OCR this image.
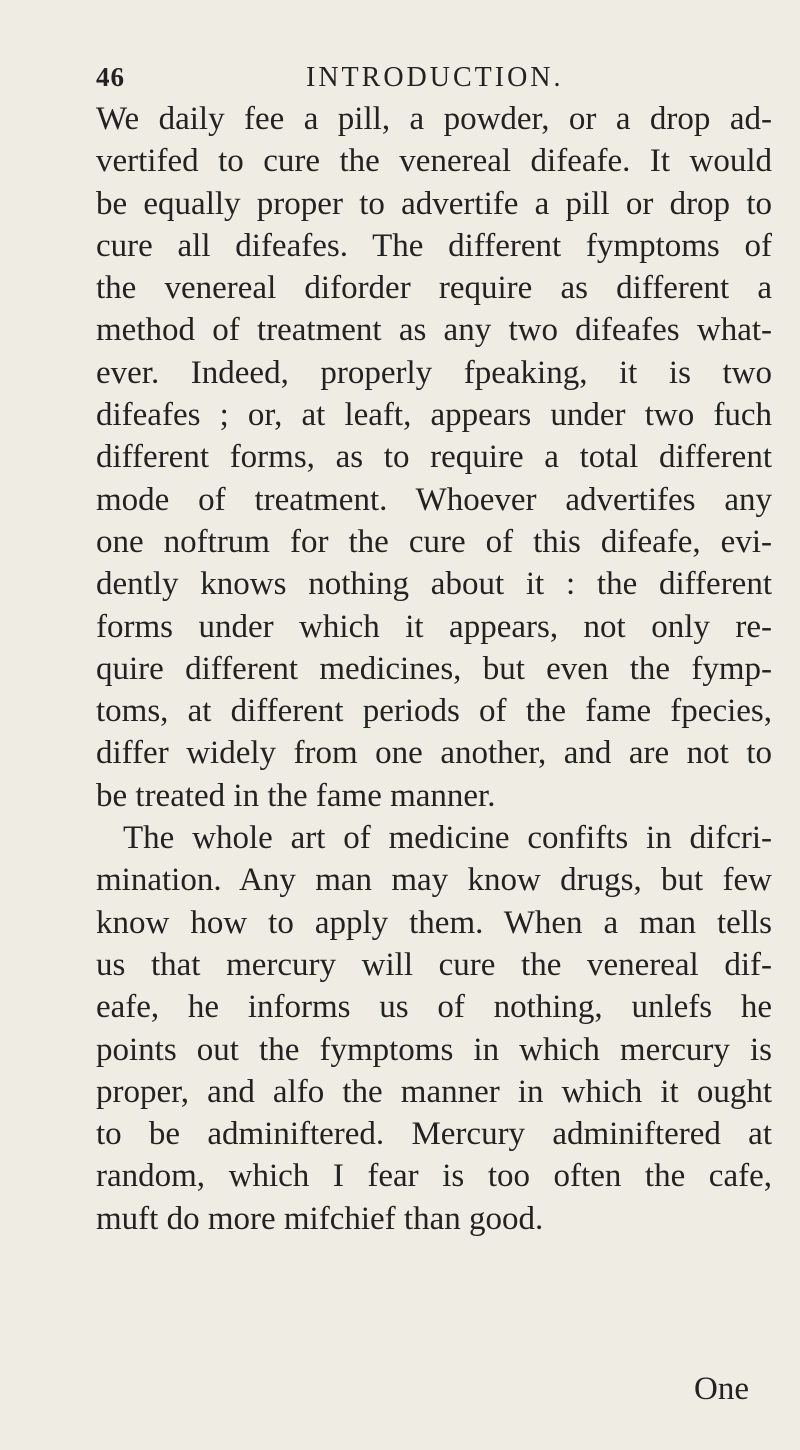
46	INTRODUCTION.
We daily fee a pill, a powder, or a drop ad-
vertifed to cure the venereal difeafe. It would
be equally proper to advertife a pill or drop to
cure all difeafes. The different fymptoms of
the venereal diforder require as different a
method of treatment as any two difeafes what-
ever. Indeed, properly fpeaking, it is two
difeafes ; or, at leaft, appears under two fuch
different forms, as to require a total different
mode of treatment. Whoever advertifes any
one noftrum for the cure of this difeafe, evi-
dently knows nothing about it : the different
forms under which it appears, not only re-
quire different medicines, but even the fymp-
toms, at different periods of the fame fpecies,
differ widely from one another, and are not to
be treated in the fame manner.
The whole art of medicine confifts in difcri-
mination. Any man may know drugs, but few
know how to apply them. When a man tells
us that mercury will cure the venereal dif-
eafe, he informs us of nothing, unlefs he
points out the fymptoms in which mercury is
proper, and alfo the manner in which it ought
to be adminiftered. Mercury adminiftered at
random, which I fear is too often the cafe,
muft do more mifchief than good.
One
